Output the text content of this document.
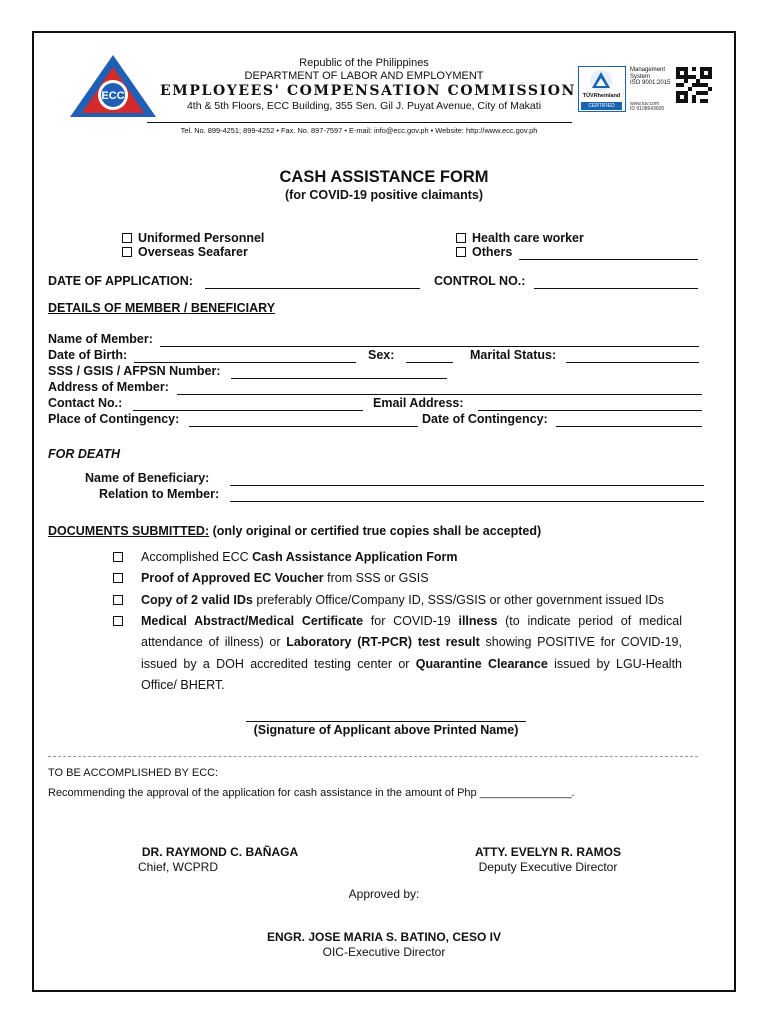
ECC
Republic of the Philippines
DEPARTMENT OF LABOR AND EMPLOYMENT
EMPLOYEES' COMPENSATION COMMISSION
4th & 5th Floors, ECC Building, 355 Sen. Gil J. Puyat Avenue, City of Makati
Tel. No. 899-4251; 899-4252 • Fax. No. 897-7597 • E-mail: info@ecc.gov.ph • Website: http://www.ecc.gov.ph
TÜVRheinland
CERTIFIED
Management
System
ISO 9001:2015
www.tuv.com
ID 9108643605
CASH ASSISTANCE FORM
(for COVID-19 positive claimants)
Uniformed Personnel
Overseas Seafarer
Health care worker
Others
DATE OF APPLICATION:	CONTROL NO.:
DETAILS OF MEMBER / BENEFICIARY
Name of Member:
Date of Birth:	Sex:	Marital Status:
SSS / GSIS / AFPSN Number:
Address of Member:
Contact No.:	Email Address:
Place of Contingency:	Date of Contingency:
FOR DEATH
Name of Beneficiary:
Relation to Member:
DOCUMENTS SUBMITTED: (only original or certified true copies shall be accepted)
Accomplished ECC Cash Assistance Application Form
Proof of Approved EC Voucher from SSS or GSIS
Copy of 2 valid IDs preferably Office/Company ID, SSS/GSIS or other government issued IDs
Medical Abstract/Medical Certificate for COVID-19 illness (to indicate period of medical attendance of illness) or Laboratory (RT-PCR) test result showing POSITIVE for COVID-19, issued by a DOH accredited testing center or Quarantine Clearance issued by LGU-Health Office/ BHERT.
(Signature of Applicant above Printed Name)
TO BE ACCOMPLISHED BY ECC:
Recommending the approval of the application for cash assistance in the amount of Php _______________.
DR. RAYMOND C. BAÑAGA
Chief, WCPRD
ATTY. EVELYN R. RAMOS
Deputy Executive Director
Approved by:
ENGR. JOSE MARIA S. BATINO, CESO IV
OIC-Executive Director
